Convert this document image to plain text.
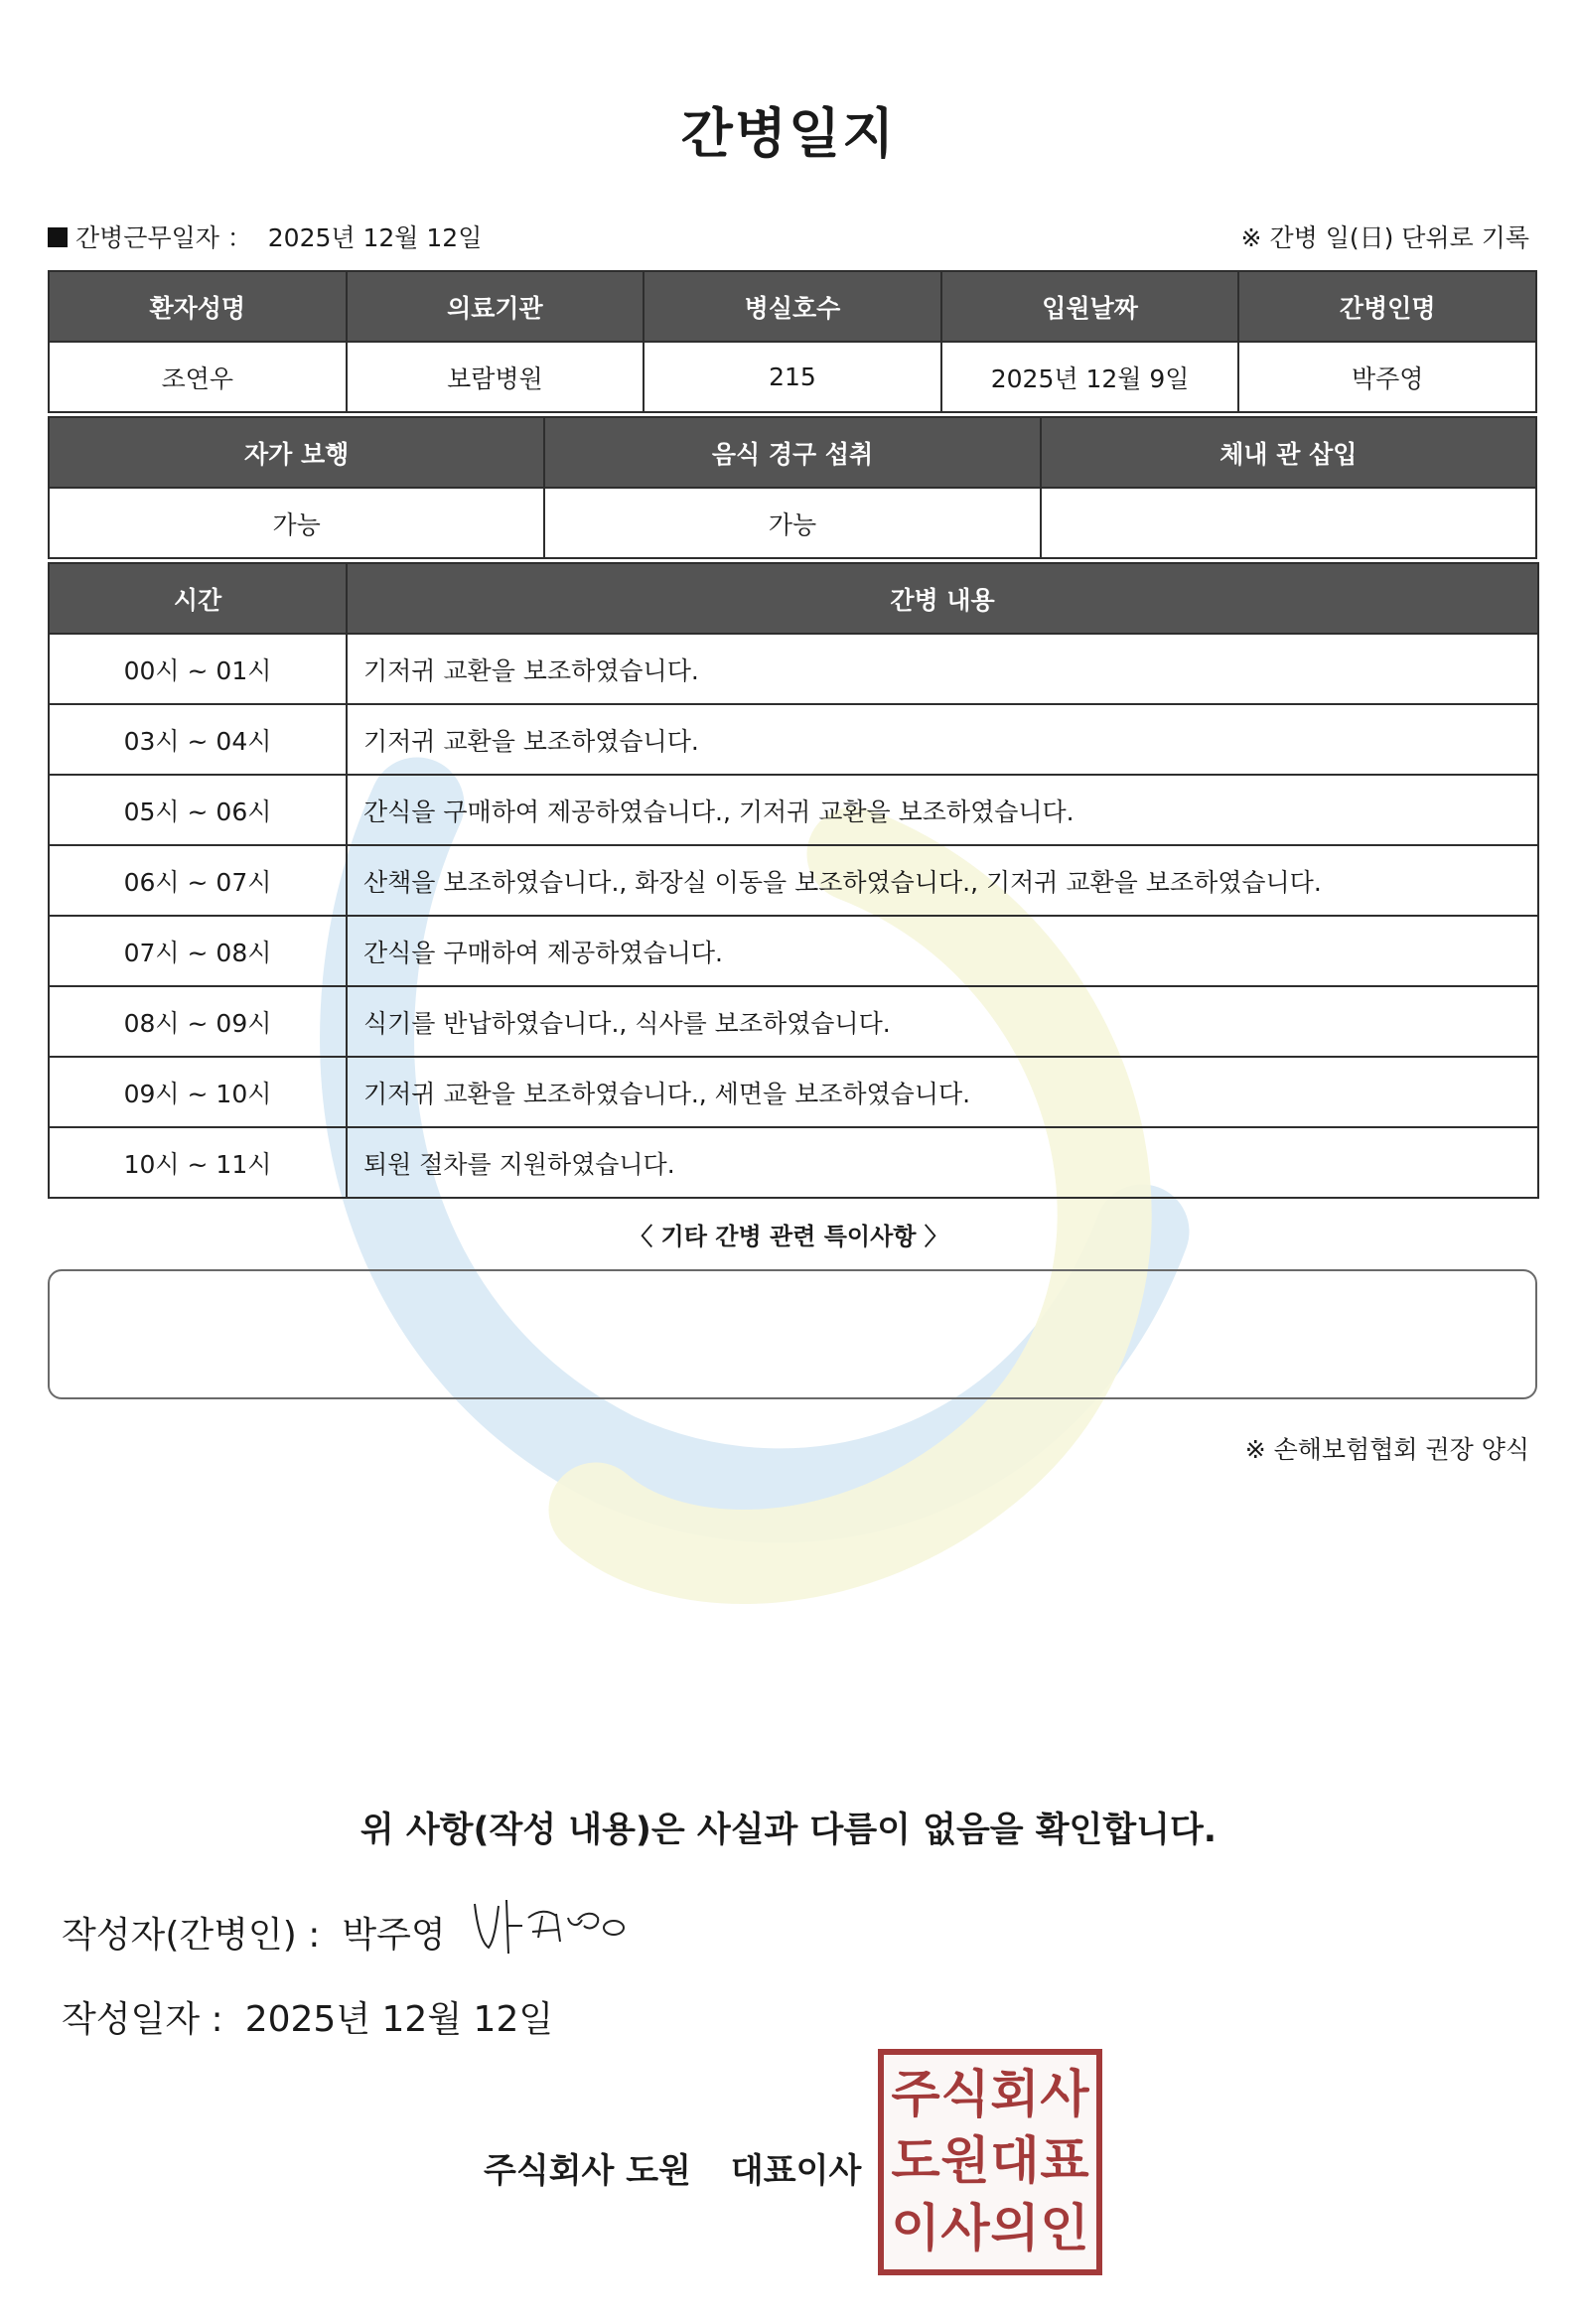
간병일지
간병근무일자 ： 2025년 12월 12일	※ 간병 일(日) 단위로 기록
환자성명	의료기관	병실호수	입원날짜	간병인명
조연우	보람병원	215	2025년 12월 9일	박주영
자가 보행	음식 경구 섭취	체내 관 삽입
가능	가능	
시간	간병 내용
00시 ~ 01시	기저귀 교환을 보조하였습니다.
03시 ~ 04시	기저귀 교환을 보조하였습니다.
05시 ~ 06시	간식을 구매하여 제공하였습니다., 기저귀 교환을 보조하였습니다.
06시 ~ 07시	산책을 보조하였습니다., 화장실 이동을 보조하였습니다., 기저귀 교환을 보조하였습니다.
07시 ~ 08시	간식을 구매하여 제공하였습니다.
08시 ~ 09시	식기를 반납하였습니다., 식사를 보조하였습니다.
09시 ~ 10시	기저귀 교환을 보조하였습니다., 세면을 보조하였습니다.
10시 ~ 11시	퇴원 절차를 지원하였습니다.
〈 기타 간병 관련 특이사항 〉
※ 손해보험협회 권장 양식
위 사항(작성 내용)은 사실과 다름이 없음을 확인합니다.
작성자(간병인) : 박주영
작성일자 : 2025년 12월 12일
주식회사 도원 대표이사
주 식 회 사
도 원 대 표
이 사 의 인
